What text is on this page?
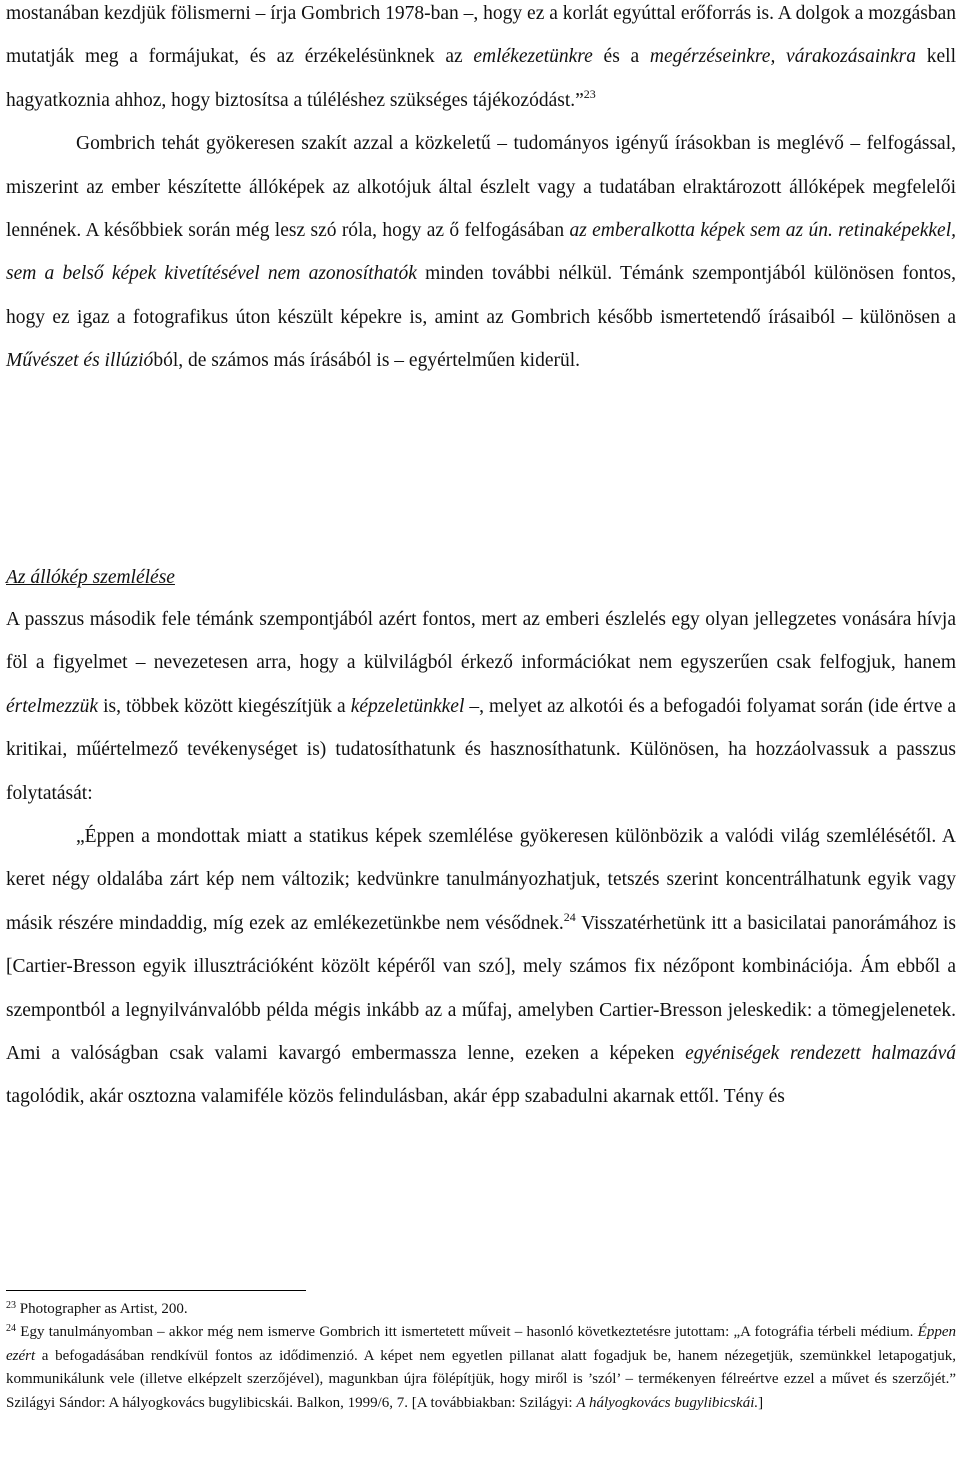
mostanában kezdjük fölismerni – írja Gombrich 1978-ban –, hogy ez a korlát egyúttal erőforrás is. A dolgok a mozgásban mutatják meg a formájukat, és az érzékelésünknek az emlékezetünkre és a megérzéseinkre, várakozásainkra kell hagyatkoznia ahhoz, hogy biztosítsa a túléléshez szükséges tájékozódást.”$^{23}$

Gombrich tehát gyökeresen szakít azzal a közkeletű – tudományos igényű írásokban is meglévő – felfogással, miszerint az ember készítette állóképek az alkotójuk által észlelt vagy a tudatában elraktározott állóképek megfelelői lennének. A későbbiek során még lesz szó róla, hogy az ő felfogásában az emberalkotta képek sem az ún. retinaképekkel, sem a belső képek kivetítésével nem azonosíthatók minden további nélkül. Témánk szempontjából különösen fontos, hogy ez igaz a fotografikus úton készült képekre is, amint az Gombrich később ismertetendő írásaiból – különösen a Művészet és illúzióból, de számos más írásából is – egyértelműen kiderül.

Az állókép szemlélése

A passzus második fele témánk szempontjából azért fontos, mert az emberi észlelés egy olyan jellegzetes vonására hívja föl a figyelmet – nevezetesen arra, hogy a külvilágból érkező információkat nem egyszerűen csak felfogjuk, hanem értelmezzük is, többek között kiegészítjük a képzeletünkkel –, melyet az alkotói és a befogadói folyamat során (ide értve a kritikai, műértelmező tevékenységet is) tudatosíthatunk és hasznosíthatunk. Különösen, ha hozzáolvassuk a passzus folytatását:

„Éppen a mondottak miatt a statikus képek szemlélése gyökeresen különbözik a valódi világ szemlélésétől. A keret négy oldalába zárt kép nem változik; kedvünkre tanulmányozhatjuk, tetszés szerint koncentrálhatunk egyik vagy másik részére mindaddig, míg ezek az emlékezetünkbe nem vésődnek.$^{24}$ Visszatérhetünk itt a basicilatai panorámához is [Cartier-Bresson egyik illusztrációként közölt képéről van szó], mely számos fix nézőpont kombinációja. Ám ebből a szempontból a legnyilvánvalóbb példa mégis inkább az a műfaj, amelyben Cartier-Bresson jeleskedik: a tömegjelenetek. Ami a valóságban csak valami kavargó embermassza lenne, ezeken a képeken egyéniségek rendezett halmazává tagolódik, akár osztozna valamiféle közös felindulásban, akár épp szabadulni akarnak ettől. Tény és

$^{23}$ Photographer as Artist, 200.

$^{24}$ Egy tanulmányomban – akkor még nem ismerve Gombrich itt ismertetett műveit – hasonló következtetésre jutottam: „A fotográfia térbeli médium. Éppen ezért a befogadásában rendkívül fontos az idődimenzió. A képet nem egyetlen pillanat alatt fogadjuk be, hanem nézegetjük, szemünkkel letapogatjuk, kommunikálunk vele (illetve elképzelt szerzőjével), magunkban újra fölépítjük, hogy miről is ’szól’ – termékenyen félreértve ezzel a művet és szerzőjét.” Szilágyi Sándor: A hályogkovács bugylibicskái. Balkon, 1999/6, 7. [A továbbiakban: Szilágyi: A hályogkovács bugylibicskái.]
